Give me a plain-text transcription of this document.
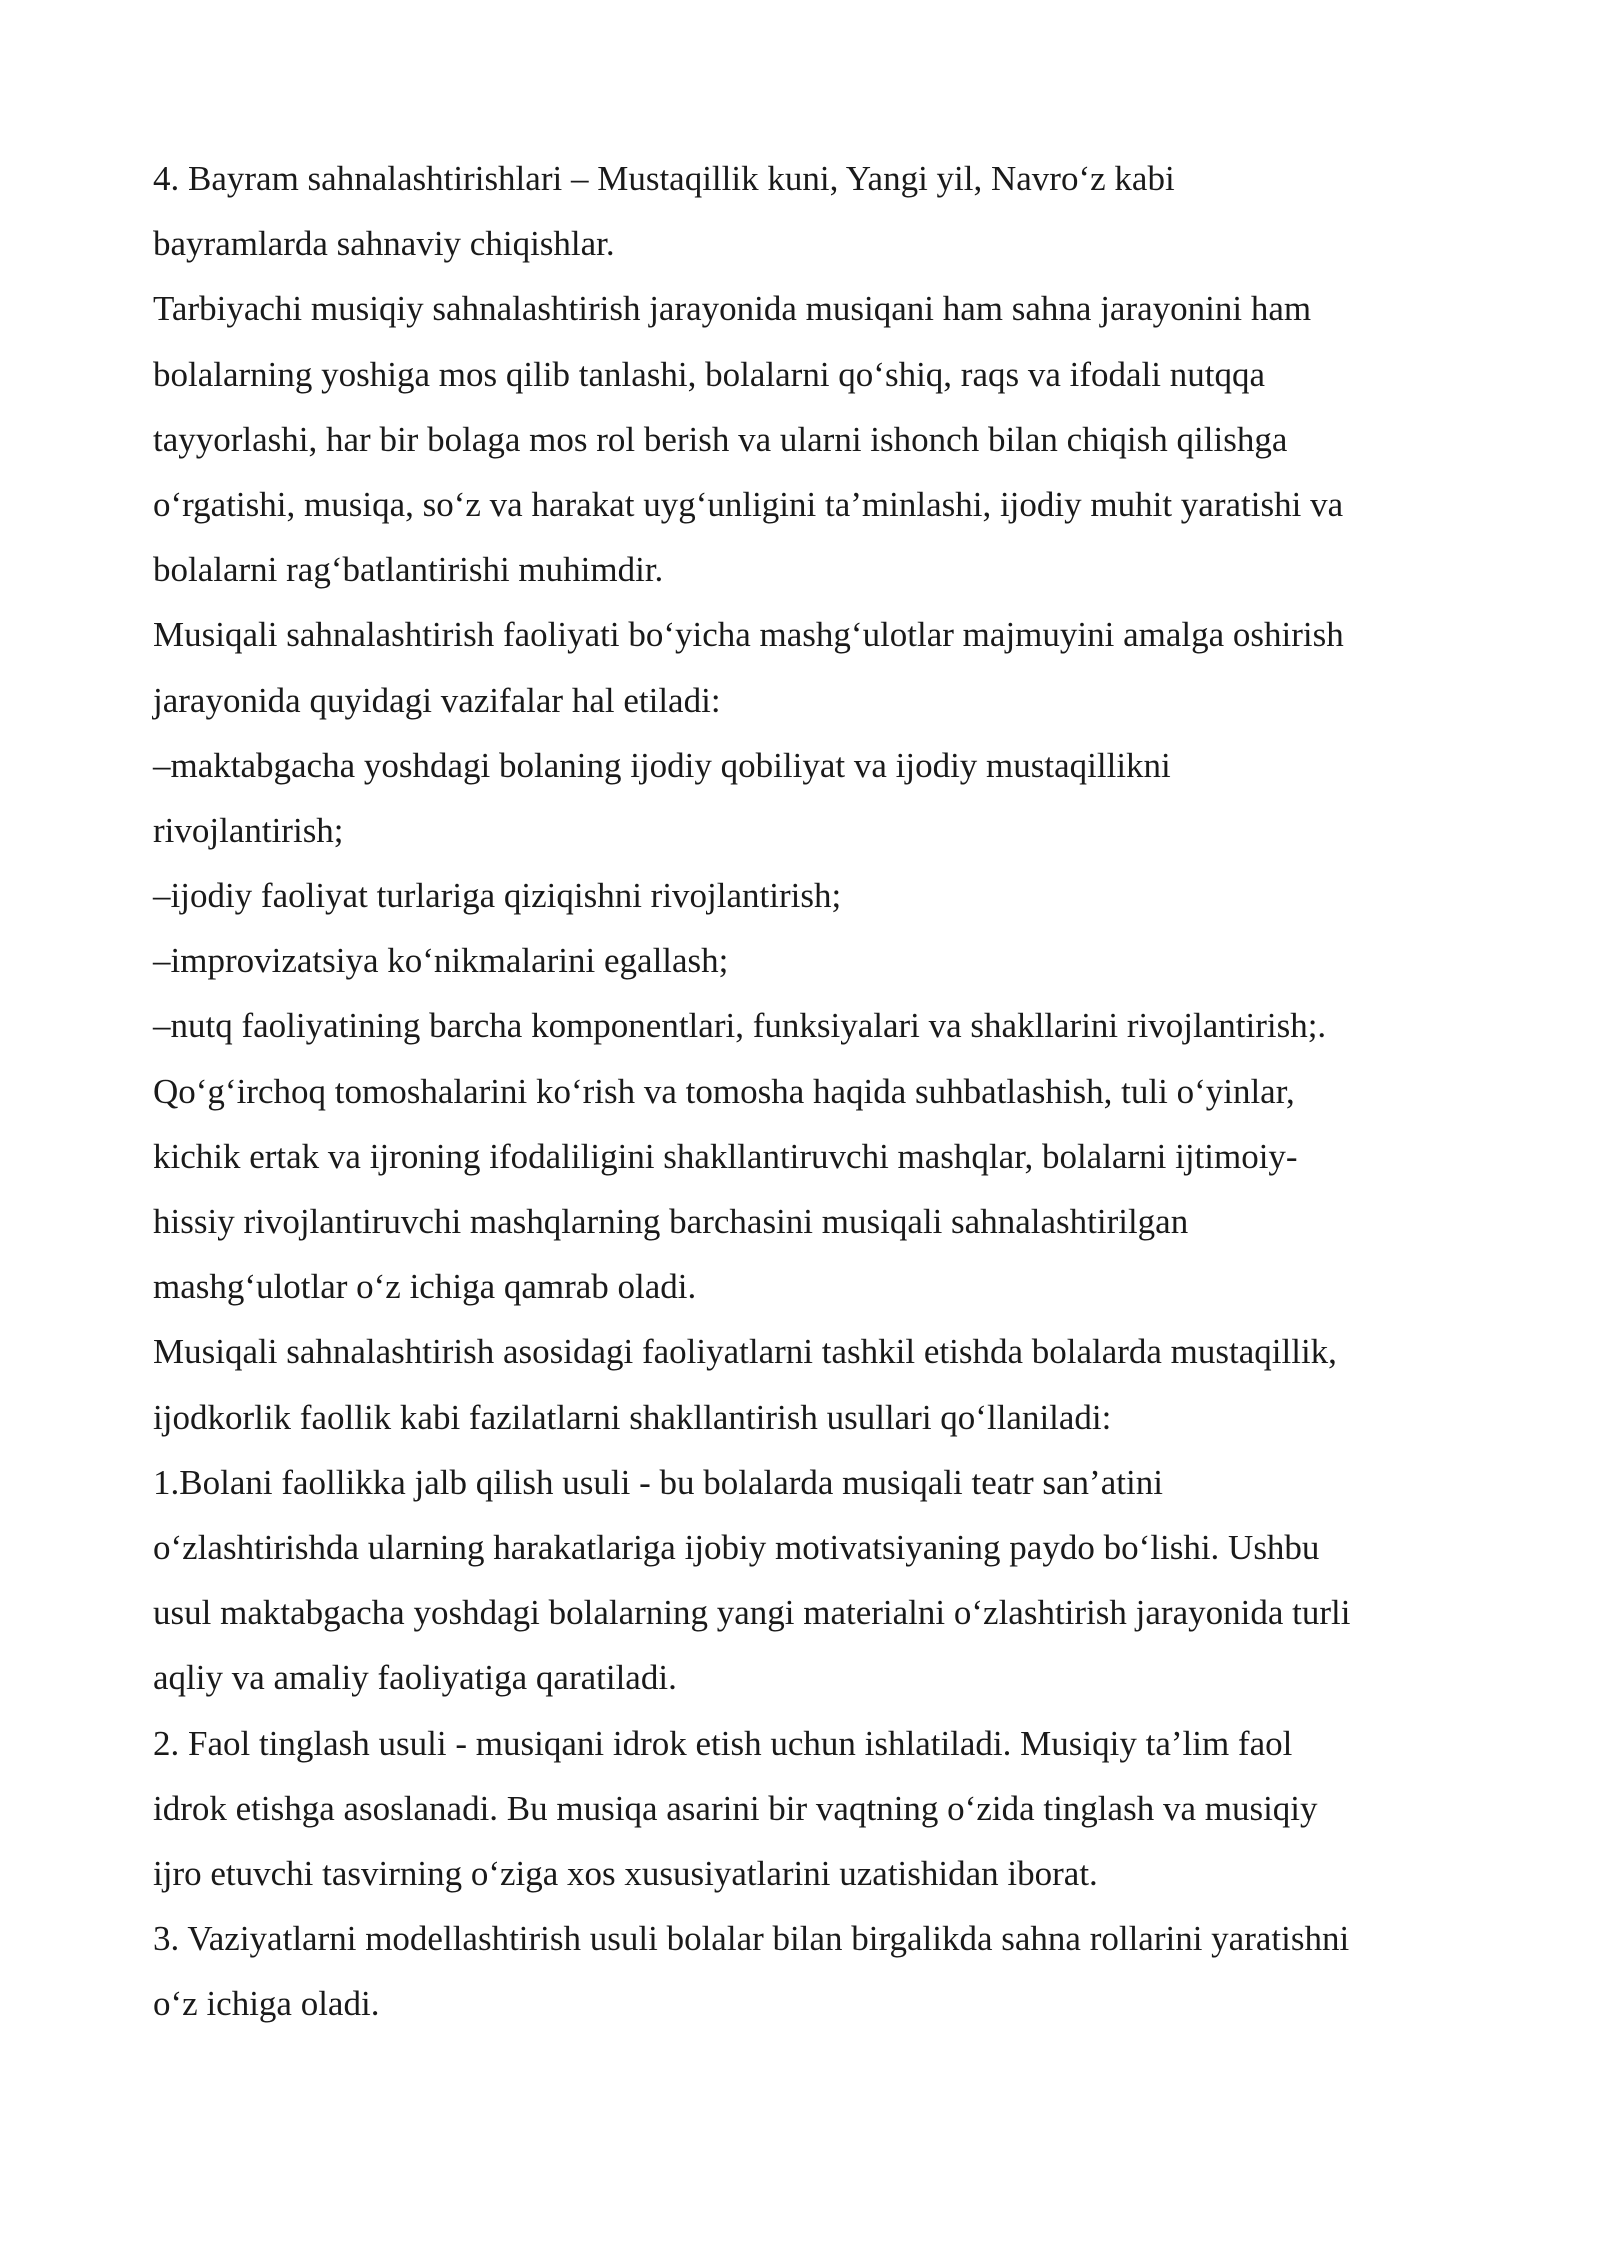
4. Bayram sahnalashtirishlari – Mustaqillik kuni, Yangi yil, Navro‘z kabi
bayramlarda sahnaviy chiqishlar.
Tarbiyachi musiqiy sahnalashtirish jarayonida musiqani ham sahna jarayonini ham
bolalarning yoshiga mos qilib tanlashi, bolalarni qo‘shiq, raqs va ifodali nutqqa
tayyorlashi, har bir bolaga mos rol berish va ularni ishonch bilan chiqish qilishga
o‘rgatishi, musiqa, so‘z va harakat uyg‘unligini ta’minlashi, ijodiy muhit yaratishi va
bolalarni rag‘batlantirishi muhimdir.
Musiqali sahnalashtirish faoliyati bo‘yicha mashg‘ulotlar majmuyini amalga oshirish
jarayonida quyidagi vazifalar hal etiladi:
–maktabgacha yoshdagi bolaning ijodiy qobiliyat va ijodiy mustaqillikni
rivojlantirish;
–ijodiy faoliyat turlariga qiziqishni rivojlantirish;
–improvizatsiya ko‘nikmalarini egallash;
–nutq faoliyatining barcha komponentlari, funksiyalari va shakllarini rivojlantirish;.
Qo‘g‘irchoq tomoshalarini ko‘rish va tomosha haqida suhbatlashish, tuli o‘yinlar,
kichik ertak va ijroning ifodaliligini shakllantiruvchi mashqlar, bolalarni ijtimoiy-
hissiy rivojlantiruvchi mashqlarning barchasini musiqali sahnalashtirilgan
mashg‘ulotlar o‘z ichiga qamrab oladi.
Musiqali sahnalashtirish asosidagi faoliyatlarni tashkil etishda bolalarda mustaqillik,
ijodkorlik faollik kabi fazilatlarni shakllantirish usullari qo‘llaniladi:
1.Bolani faollikka jalb qilish usuli - bu bolalarda musiqali teatr san’atini
o‘zlashtirishda ularning harakatlariga ijobiy motivatsiyaning paydo bo‘lishi. Ushbu
usul maktabgacha yoshdagi bolalarning yangi materialni o‘zlashtirish jarayonida turli
aqliy va amaliy faoliyatiga qaratiladi.
2. Faol tinglash usuli - musiqani idrok etish uchun ishlatiladi. Musiqiy ta’lim faol
idrok etishga asoslanadi. Bu musiqa asarini bir vaqtning o‘zida tinglash va musiqiy
ijro etuvchi tasvirning o‘ziga xos xususiyatlarini uzatishidan iborat.
3. Vaziyatlarni modellashtirish usuli bolalar bilan birgalikda sahna rollarini yaratishni
o‘z ichiga oladi.
